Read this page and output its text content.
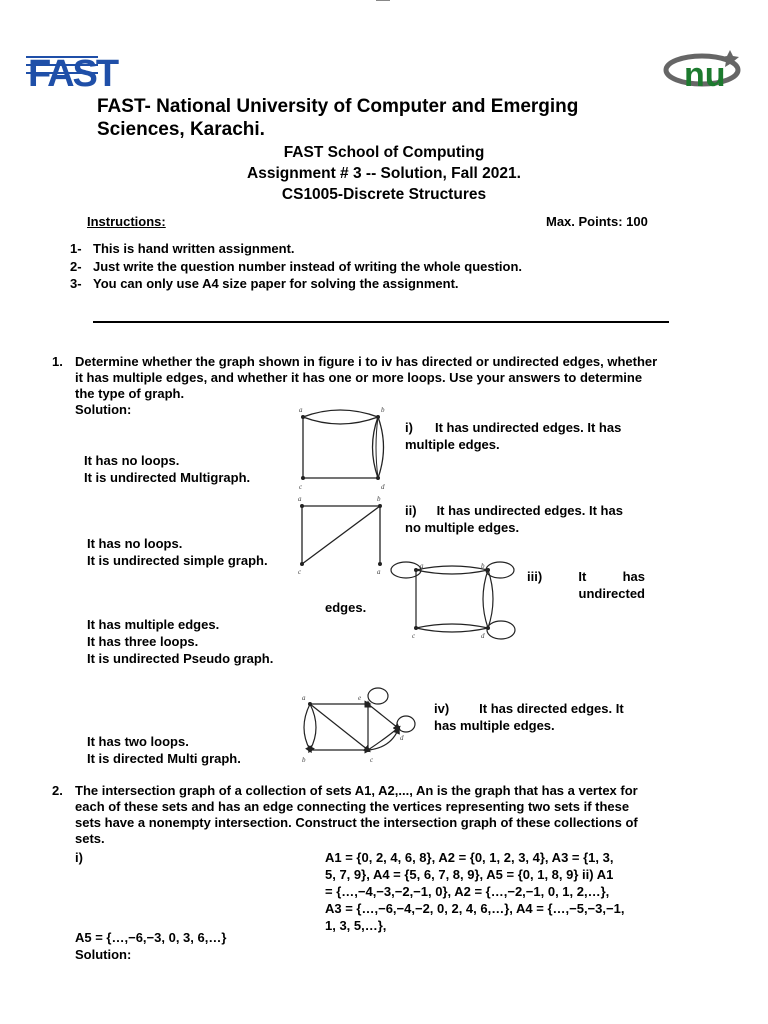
FAST	nu
FAST- National University of Computer and Emerging Sciences, Karachi.
FAST School of Computing
Assignment # 3 -- Solution, Fall 2021.
CS1005-Discrete Structures
Instructions:	Max. Points: 100
1- This is hand written assignment.
2- Just write the question number instead of writing the whole question.
3- You can only use A4 size paper for solving the assignment.
1. Determine whether the graph shown in figure i to iv has directed or undirected edges, whether
it has multiple edges, and whether it has one or more loops. Use your answers to determine
the type of graph.
Solution:	a	b
c	d
i) It has undirected edges. It has
multiple edges.
It has no loops.
It is undirected Multigraph.
a	b
c	a
ii) It has undirected edges. It has
no multiple edges.
It has no loops.
It is undirected simple graph.	a	b
c	d
iii)	It	has
undirected
edges.
It has multiple edges.
It has three loops.
It is undirected Pseudo graph.
a	e
b	c
d
iv) It has directed edges. It
has multiple edges.
It has two loops.
It is directed Multi graph.
2. The intersection graph of a collection of sets A1, A2,..., An is the graph that has a vertex for
each of these sets and has an edge connecting the vertices representing two sets if these
sets have a nonempty intersection. Construct the intersection graph of these collections of
sets.
i)	A1 = {0, 2, 4, 6, 8}, A2 = {0, 1, 2, 3, 4}, A3 = {1, 3,
5, 7, 9}, A4 = {5, 6, 7, 8, 9}, A5 = {0, 1, 8, 9} ii) A1
= {…,−4,−3,−2,−1, 0}, A2 = {…,−2,−1, 0, 1, 2,…},
A3 = {…,−6,−4,−2, 0, 2, 4, 6,…}, A4 = {…,−5,−3,−1,
1, 3, 5,…},
A5 = {…,−6,−3, 0, 3, 6,…}
Solution:
